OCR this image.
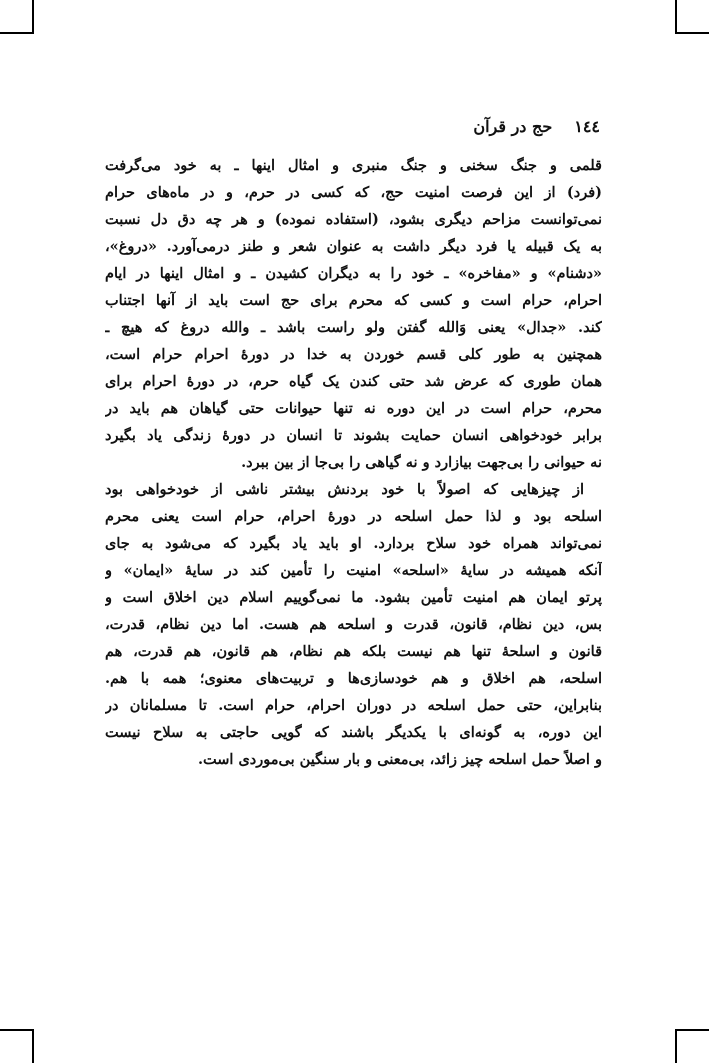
١٤٤
حج در قرآن
قلمی و جنگ سخنی و جنگ منبری و امثال اینها ـ به خود می‌گرفت
(فرد) از این فرصت امنیت حج، که کسی در حرم، و در ماه‌های حرام
نمی‌توانست مزاحم دیگری بشود، (استفاده نموده) و هر چه دق دل نسبت
به یک قبیله یا فرد دیگر داشت به عنوان شعر و طنز درمی‌آورد. «دروغ»،
«دشنام» و «مفاخره» ـ خود را به دیگران کشیدن ـ و امثال اینها در ایام
احرام، حرام است و کسی که محرم برای حج است باید از آنها اجتناب
کند. «جدال» یعنی وَالله گفتن ولو راست باشد ـ والله دروغ که هیچ ـ
همچنین به طور کلی قسم خوردن به خدا در دورهٔ احرام حرام است،
همان طوری که عرض شد حتی کندن یک گیاه حرم، در دورهٔ احرام برای
محرم، حرام است در این دوره نه تنها حیوانات حتی گیاهان هم باید در
برابر خودخواهی انسان حمایت بشوند تا انسان در دورهٔ زندگی یاد بگیرد
نه حیوانی را بی‌جهت بیازارد و نه گیاهی را بی‌جا از بین ببرد.
از چیزهایی که اصولاً با خود بردنش بیشتر ناشی از خودخواهی بود
اسلحه بود و لذا حمل اسلحه در دورهٔ احرام، حرام است یعنی محرم
نمی‌تواند همراه خود سلاح بردارد. او باید یاد بگیرد که می‌شود به جای
آنکه همیشه در سایهٔ «اسلحه» امنیت را تأمین کند در سایهٔ «ایمان» و
پرتو ایمان هم امنیت تأمین بشود. ما نمی‌گوییم اسلام دین اخلاق است و
بس، دین نظام، قانون، قدرت و اسلحه هم هست. اما دین نظام، قدرت،
قانون و اسلحهٔ تنها هم نیست بلکه هم نظام، هم قانون، هم قدرت، هم
اسلحه، هم اخلاق و هم خودسازی‌ها و تربیت‌های معنوی؛ همه با هم.
بنابراین، حتی حمل اسلحه در دوران احرام، حرام است. تا مسلمانان در
این دوره، به گونه‌ای با یکدیگر باشند که گویی حاجتی به سلاح نیست
و اصلاً حمل اسلحه چیز زائد، بی‌معنی و بار سنگین بی‌موردی است.
